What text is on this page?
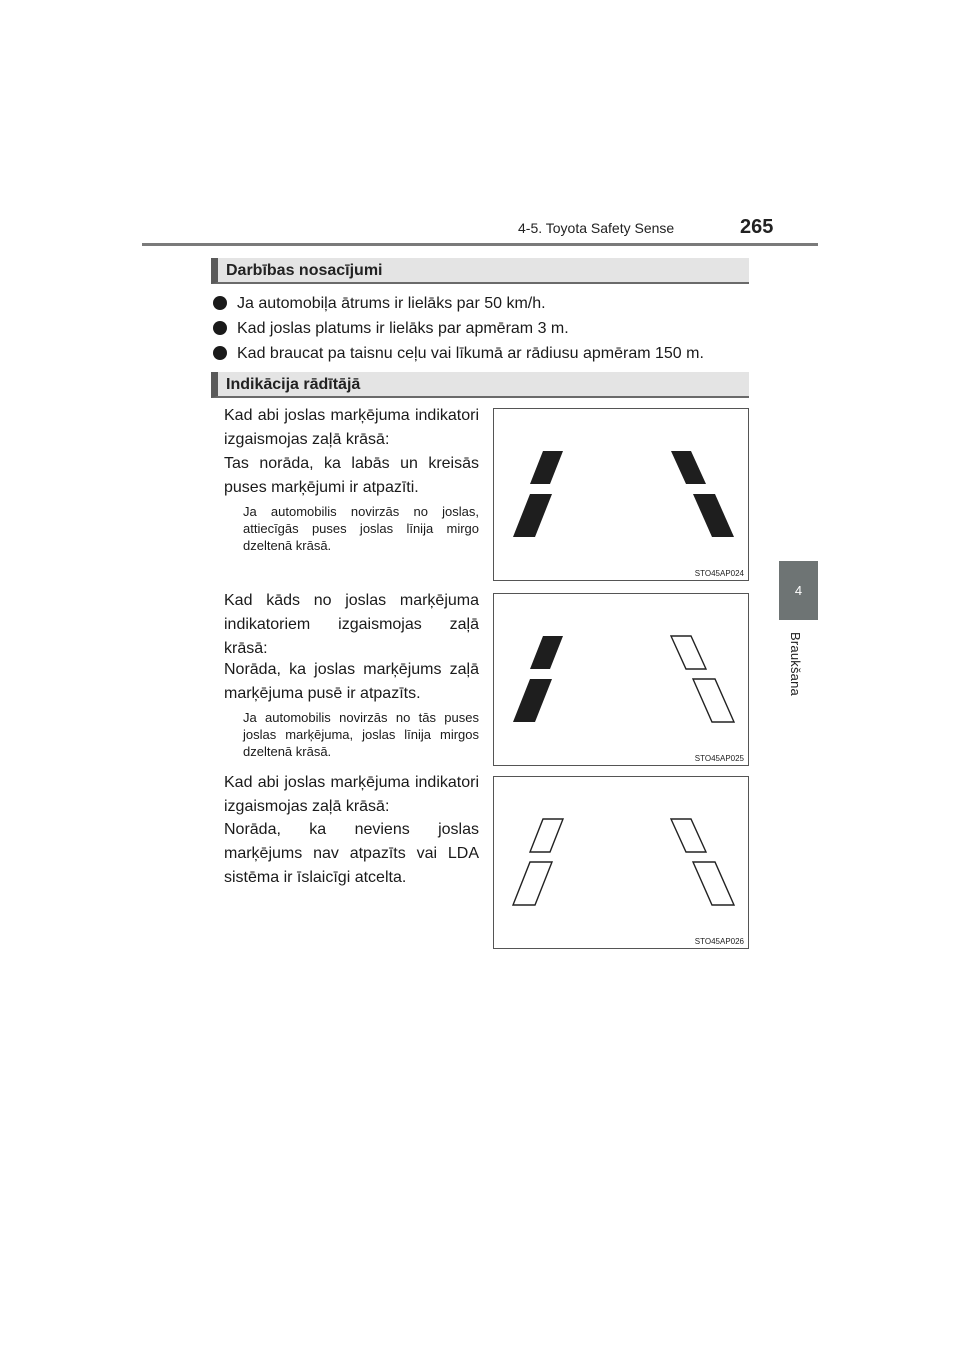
4-5. Toyota Safety Sense	265
4
Braukšana
Darbības nosacījumi
Ja automobiļa ātrums ir lielāks par 50 km/h.
Kad joslas platums ir lielāks par apmēram 3 m.
Kad braucat pa taisnu ceļu vai līkumā ar rādiusu apmēram 150 m.
Indikācija rādītājā

Kad abi joslas marķējuma indikatori izgaismojas zaļā krāsā:

Tas norāda, ka labās un kreisās puses marķējumi ir atpazīti.

Ja automobilis novirzās no joslas, attiecīgās puses joslas līnija mirgo dzeltenā krāsā.

STO45AP024

Kad kāds no joslas marķējuma indikatoriem izgaismojas zaļā krāsā:

Norāda, ka joslas marķējums zaļā marķējuma pusē ir atpazīts.

Ja automobilis novirzās no tās puses joslas marķējuma, joslas līnija mirgos dzeltenā krāsā.	STO45AP025

Kad abi joslas marķējuma indikatori izgaismojas zaļā krāsā:

Norāda, ka neviens joslas marķējums nav atpazīts vai LDA sistēma ir īslaicīgi atcelta.

STO45AP026
